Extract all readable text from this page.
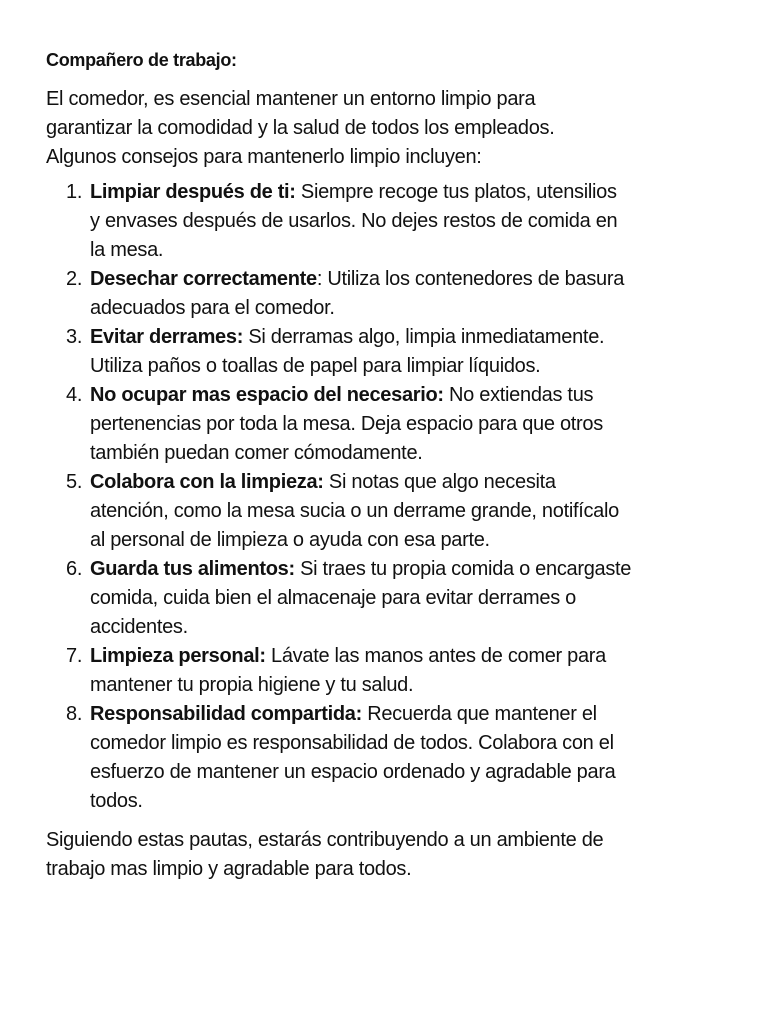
Compañero de trabajo:
El comedor, es esencial mantener un entorno limpio para
garantizar la comodidad y la salud de todos los empleados.
Algunos consejos para mantenerlo limpio incluyen:
1. Limpiar después de ti: Siempre recoge tus platos, utensilios
y envases después de usarlos. No dejes restos de comida en
la mesa.
2. Desechar correctamente: Utiliza los contenedores de basura
adecuados para el comedor.
3. Evitar derrames: Si derramas algo, limpia inmediatamente.
Utiliza paños o toallas de papel para limpiar líquidos.
4. No ocupar mas espacio del necesario: No extiendas tus
pertenencias por toda la mesa. Deja espacio para que otros
también puedan comer cómodamente.
5. Colabora con la limpieza: Si notas que algo necesita
atención, como la mesa sucia o un derrame grande, notifícalo
al personal de limpieza o ayuda con esa parte.
6. Guarda tus alimentos: Si traes tu propia comida o encargaste
comida, cuida bien el almacenaje para evitar derrames o
accidentes.
7. Limpieza personal: Lávate las manos antes de comer para
mantener tu propia higiene y tu salud.
8. Responsabilidad compartida: Recuerda que mantener el
comedor limpio es responsabilidad de todos. Colabora con el
esfuerzo de mantener un espacio ordenado y agradable para
todos.
Siguiendo estas pautas, estarás contribuyendo a un ambiente de
trabajo mas limpio y agradable para todos.
